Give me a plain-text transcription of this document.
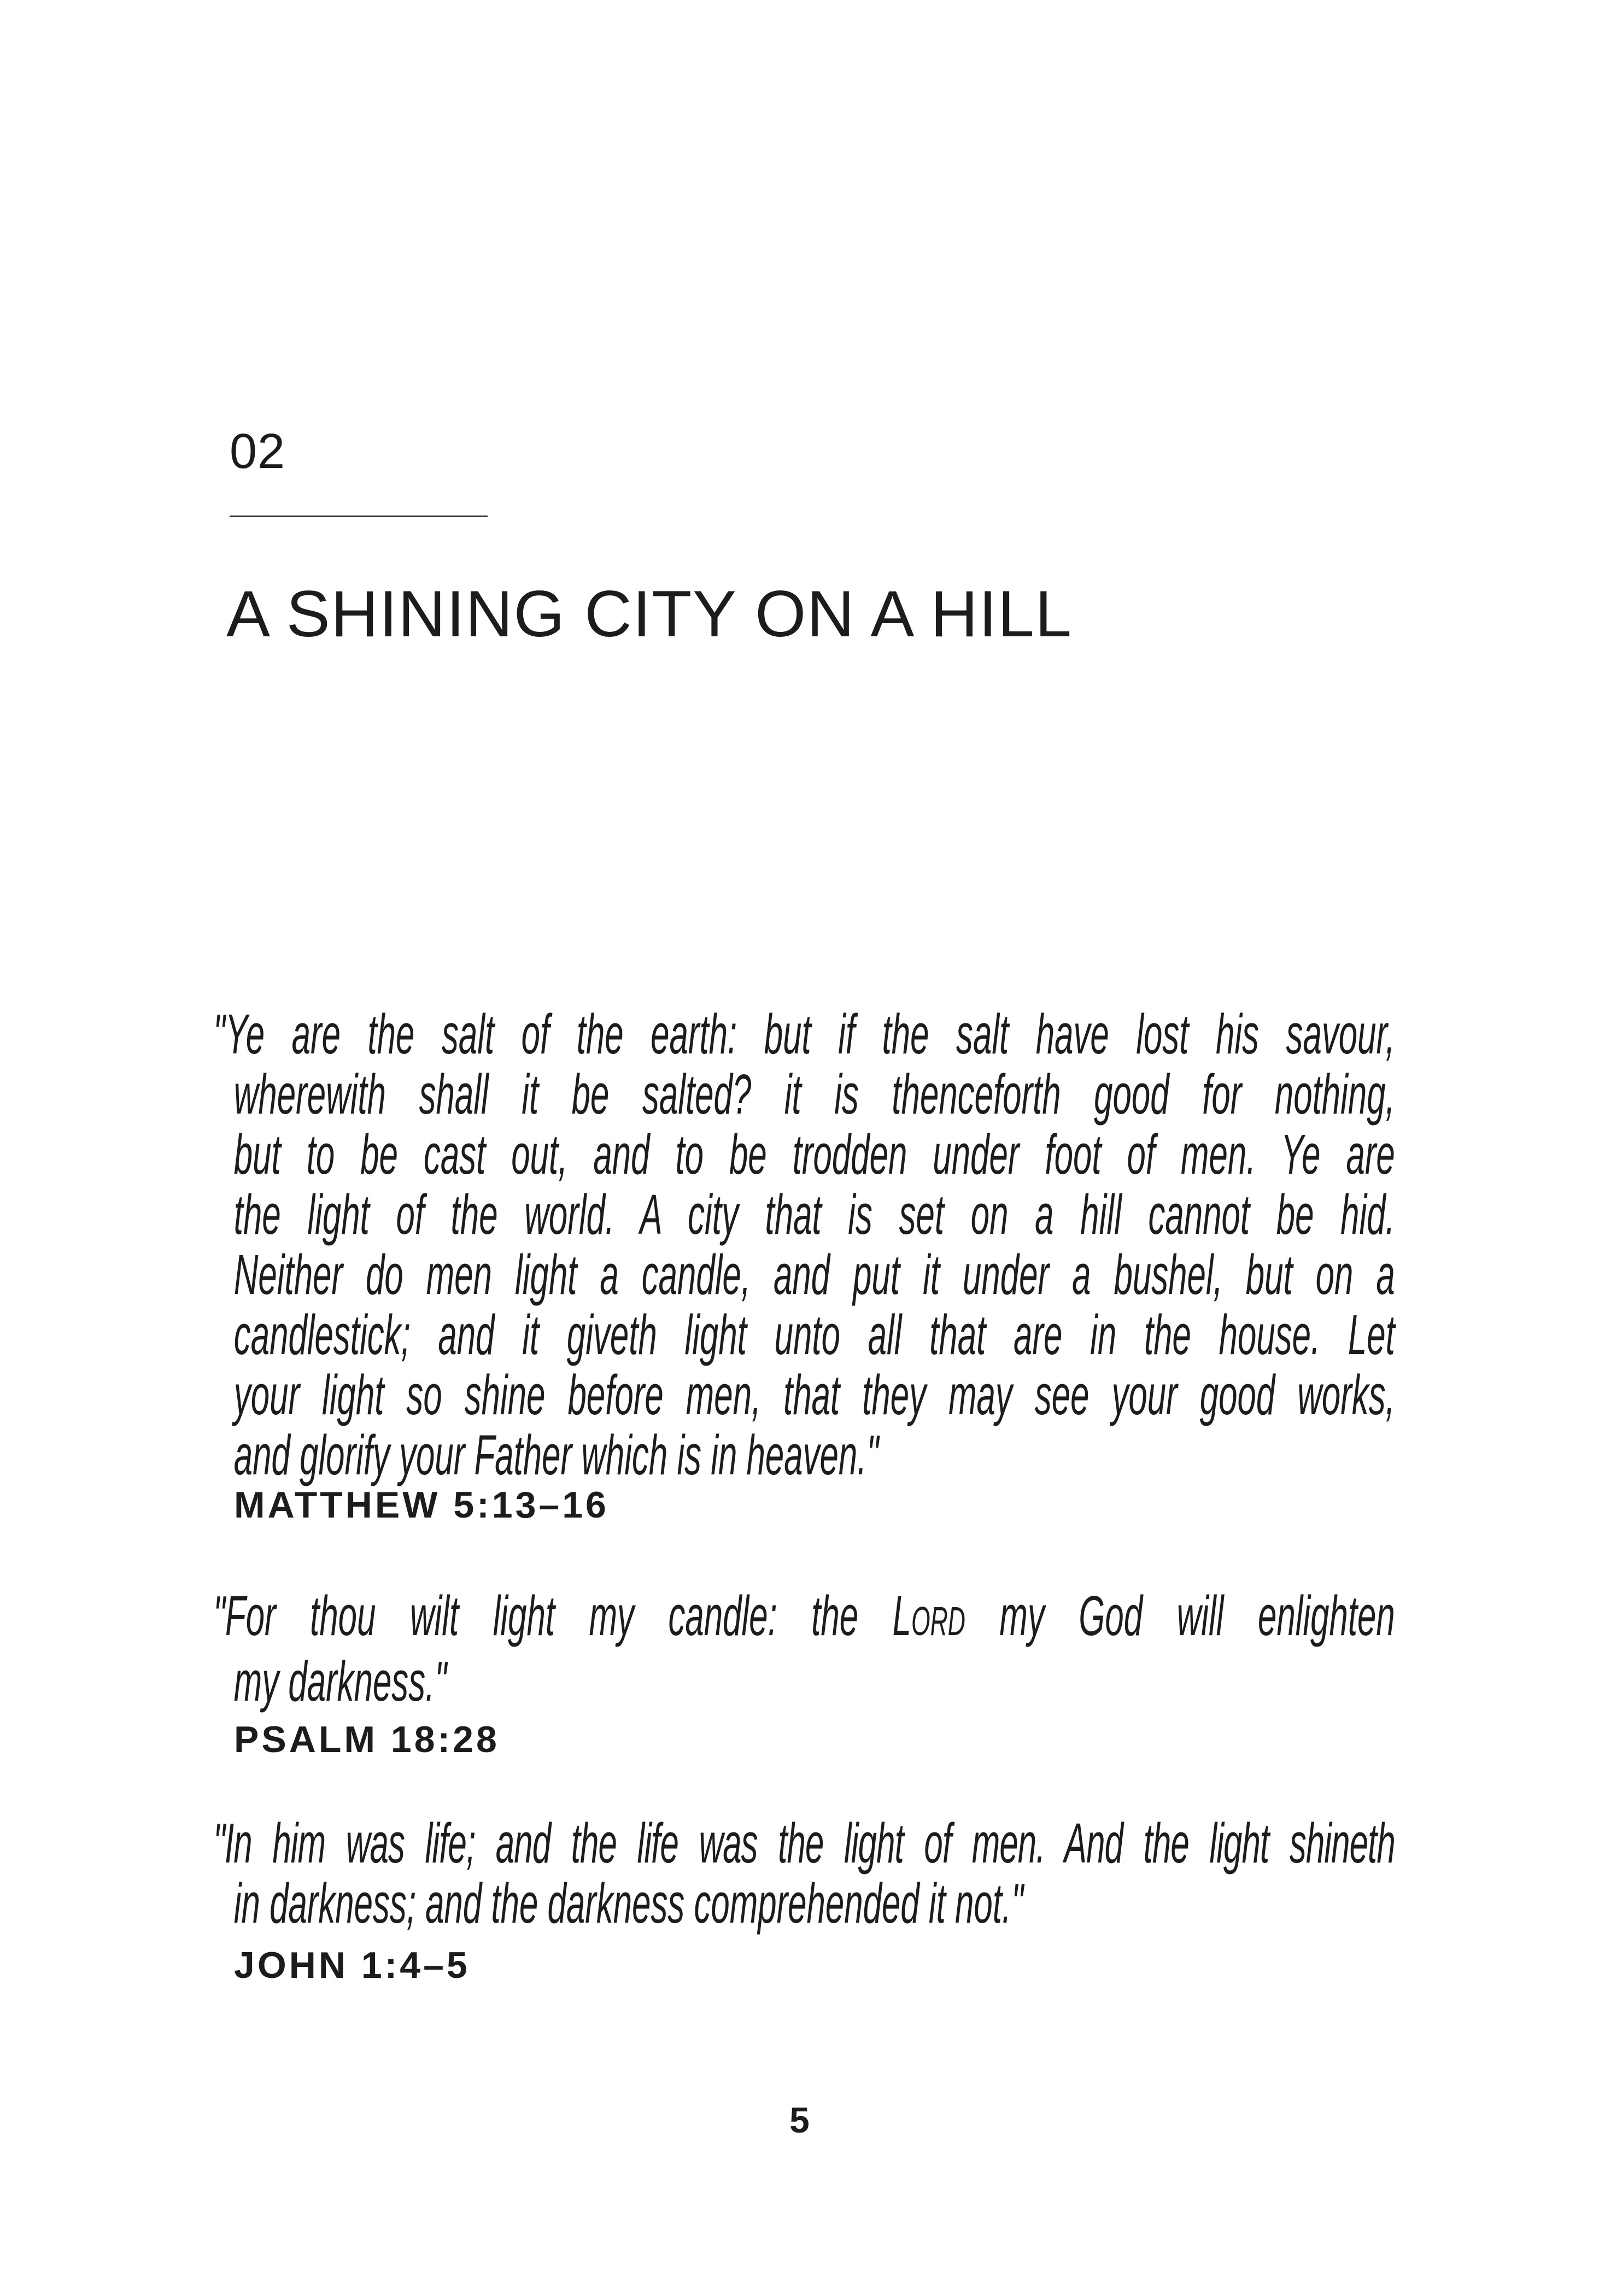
02
A SHINING CITY ON A HILL
"Ye are the salt of the earth: but if the salt have lost his savour,
wherewith shall it be salted? it is thenceforth good for nothing,
but to be cast out, and to be trodden under foot of men. Ye are
the light of the world. A city that is set on a hill cannot be hid.
Neither do men light a candle, and put it under a bushel, but on a
candlestick; and it giveth light unto all that are in the house. Let
your light so shine before men, that they may see your good works,
and glorify your Father which is in heaven."
MATTHEW 5:13–16
"For thou wilt light my candle: the LORD my God will enlighten
my darkness."
PSALM 18:28
"In him was life; and the life was the light of men. And the light shineth
in darkness; and the darkness comprehended it not."
JOHN 1:4–5
5
